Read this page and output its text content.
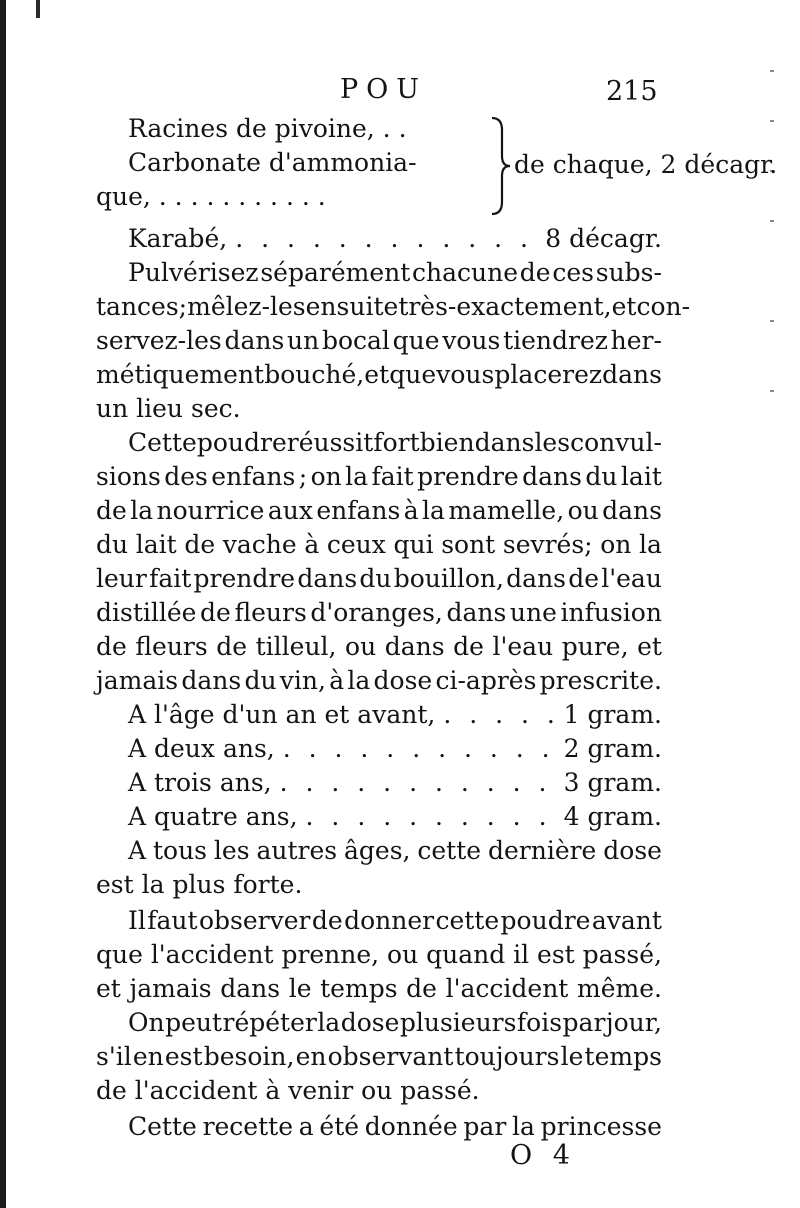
POU	215
Racines de pivoine, . .
Carbonate d'ammonia-
que, . . . . . . . . . . .
de chaque, 2 décagr.
Karabé, . . .	8 décagr.
Pulvérisez séparément chacune de ces subs-
tances; mêlez-les ensuite très-exactement, et con-
servez-les dans un bocal que vous tiendrez her-
métiquement bouché, et que vous placerez dans
un lieu sec.
Cette poudre réussit fort bien dans les convul-
sions des enfans ; on la fait prendre dans du lait
de la nourrice aux enfans à la mamelle, ou dans
du lait de vache à ceux qui sont sevrés; on la
leur fait prendre dans du bouillon, dans de l'eau
distillée de fleurs d'oranges, dans une infusion
de fleurs de tilleul, ou dans de l'eau pure, et
jamais dans du vin, à la dose ci-après prescrite.
A l'âge d'un an et avant, . . .	1 gram.
A deux ans, . . .	2 gram.
A trois ans, . . .	3 gram.
A quatre ans, . . .	4 gram.
A tous les autres âges, cette dernière dose
est la plus forte.
Il faut observer de donner cette poudre avant
que l'accident prenne, ou quand il est passé,
et jamais dans le temps de l'accident même.
On peut répéter la dose plusieurs fois par jour,
s'il en est besoin, en observant toujours le temps
de l'accident à venir ou passé.
Cette recette a été donnée par la princesse
O 4
